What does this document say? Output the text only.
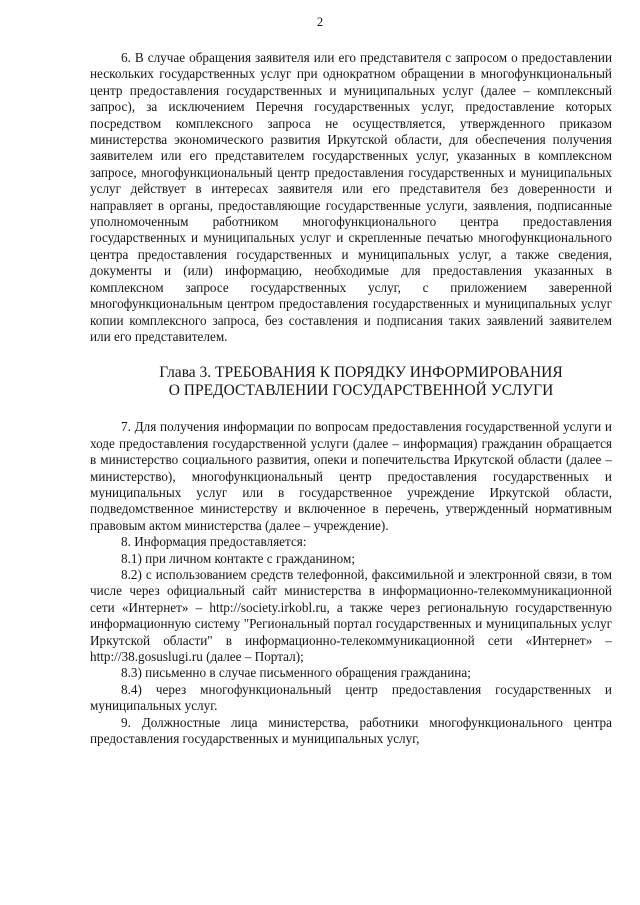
2

6. В случае обращения заявителя или его представителя с запросом о предоставлении нескольких государственных услуг при однократном обращении в многофункциональный центр предоставления государственных и муниципальных услуг (далее – комплексный запрос), за исключением Перечня государственных услуг, предоставление которых посредством комплексного запроса не осуществляется, утвержденного приказом министерства экономического развития Иркутской области, для обеспечения получения заявителем или его представителем государственных услуг, указанных в комплексном запросе, многофункциональный центр предоставления государственных и муниципальных услуг действует в интересах заявителя или его представителя без доверенности и направляет в органы, предоставляющие государственные услуги, заявления, подписанные уполномоченным работником многофункционального центра предоставления государственных и муниципальных услуг и скрепленные печатью многофункционального центра предоставления государственных и муниципальных услуг, а также сведения, документы и (или) информацию, необходимые для предоставления указанных в комплексном запросе государственных услуг, с приложением заверенной многофункциональным центром предоставления государственных и муниципальных услуг копии комплексного запроса, без составления и подписания таких заявлений заявителем или его представителем.

Глава 3. ТРЕБОВАНИЯ К ПОРЯДКУ ИНФОРМИРОВАНИЯ
О ПРЕДОСТАВЛЕНИИ ГОСУДАРСТВЕННОЙ УСЛУГИ

7. Для получения информации по вопросам предоставления государственной услуги и ходе предоставления государственной услуги (далее – информация) гражданин обращается в министерство социального развития, опеки и попечительства Иркутской области (далее – министерство), многофункциональный центр предоставления государственных и муниципальных услуг или в государственное учреждение Иркутской области, подведомственное министерству и включенное в перечень, утвержденный нормативным правовым актом министерства (далее – учреждение).

8. Информация предоставляется:

8.1) при личном контакте с гражданином;

8.2) с использованием средств телефонной, факсимильной и электронной связи, в том числе через официальный сайт министерства в информационно-телекоммуникационной сети «Интернет» – http://society.irkobl.ru, а также через региональную государственную информационную систему "Региональный портал государственных и муниципальных услуг Иркутской области" в информационно-телекоммуникационной сети «Интернет» – http://38.gosuslugi.ru (далее – Портал);

8.3) письменно в случае письменного обращения гражданина;

8.4) через многофункциональный центр предоставления государственных и муниципальных услуг.

9. Должностные лица министерства, работники многофункционального центра предоставления государственных и муниципальных услуг,
